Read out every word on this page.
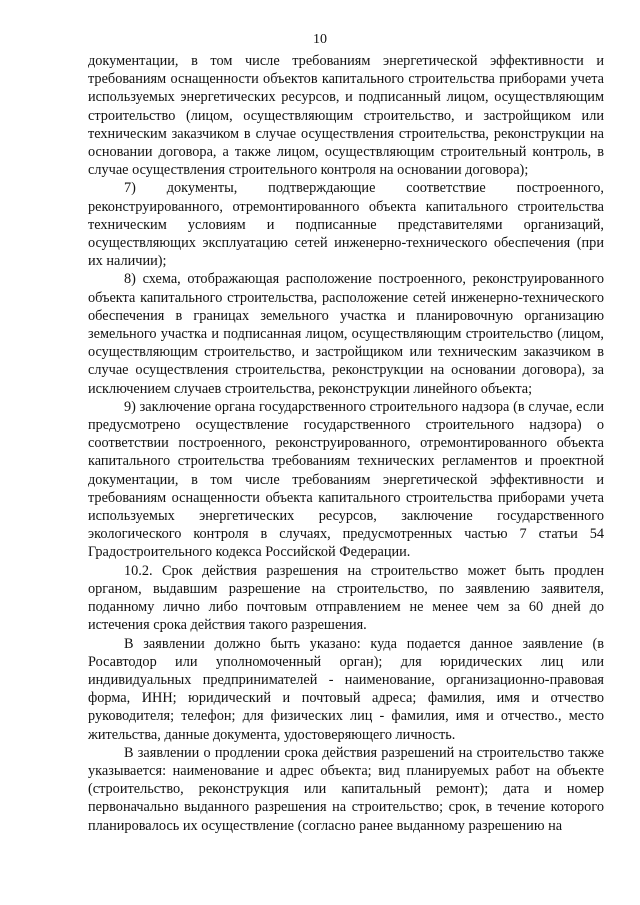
10

документации, в том числе требованиям энергетической эффективности и требованиям оснащенности объектов капитального строительства приборами учета используемых энергетических ресурсов, и подписанный лицом, осуществляющим строительство (лицом, осуществляющим строительство, и застройщиком или техническим заказчиком в случае осуществления строительства, реконструкции на основании договора, а также лицом, осуществляющим строительный контроль, в случае осуществления строительного контроля на основании договора);

7) документы, подтверждающие соответствие построенного, реконструированного, отремонтированного объекта капитального строительства техническим условиям и подписанные представителями организаций, осуществляющих эксплуатацию сетей инженерно-технического обеспечения (при их наличии);

8) схема, отображающая расположение построенного, реконструированного объекта капитального строительства, расположение сетей инженерно-технического обеспечения в границах земельного участка и планировочную организацию земельного участка и подписанная лицом, осуществляющим строительство (лицом, осуществляющим строительство, и застройщиком или техническим заказчиком в случае осуществления строительства, реконструкции на основании договора), за исключением случаев строительства, реконструкции линейного объекта;

9) заключение органа государственного строительного надзора (в случае, если предусмотрено осуществление государственного строительного надзора) о соответствии построенного, реконструированного, отремонтированного объекта капитального строительства требованиям технических регламентов и проектной документации, в том числе требованиям энергетической эффективности и требованиям оснащенности объекта капитального строительства приборами учета используемых энергетических ресурсов, заключение государственного экологического контроля в случаях, предусмотренных частью 7 статьи 54 Градостроительного кодекса Российской Федерации.

10.2. Срок действия разрешения на строительство может быть продлен органом, выдавшим разрешение на строительство, по заявлению заявителя, поданному лично либо почтовым отправлением не менее чем за 60 дней до истечения срока действия такого разрешения.

В заявлении должно быть указано: куда подается данное заявление (в Росавтодор или уполномоченный орган); для юридических лиц или индивидуальных предпринимателей - наименование, организационно-правовая форма, ИНН; юридический и почтовый адреса; фамилия, имя и отчество руководителя; телефон; для физических лиц - фамилия, имя и отчество., место жительства, данные документа, удостоверяющего личность.

В заявлении о продлении срока действия разрешений на строительство также указывается: наименование и адрес объекта; вид планируемых работ на объекте (строительство, реконструкция или капитальный ремонт); дата и номер первоначально выданного разрешения на строительство; срок, в течение которого планировалось их осуществление (согласно ранее выданному разрешению на
